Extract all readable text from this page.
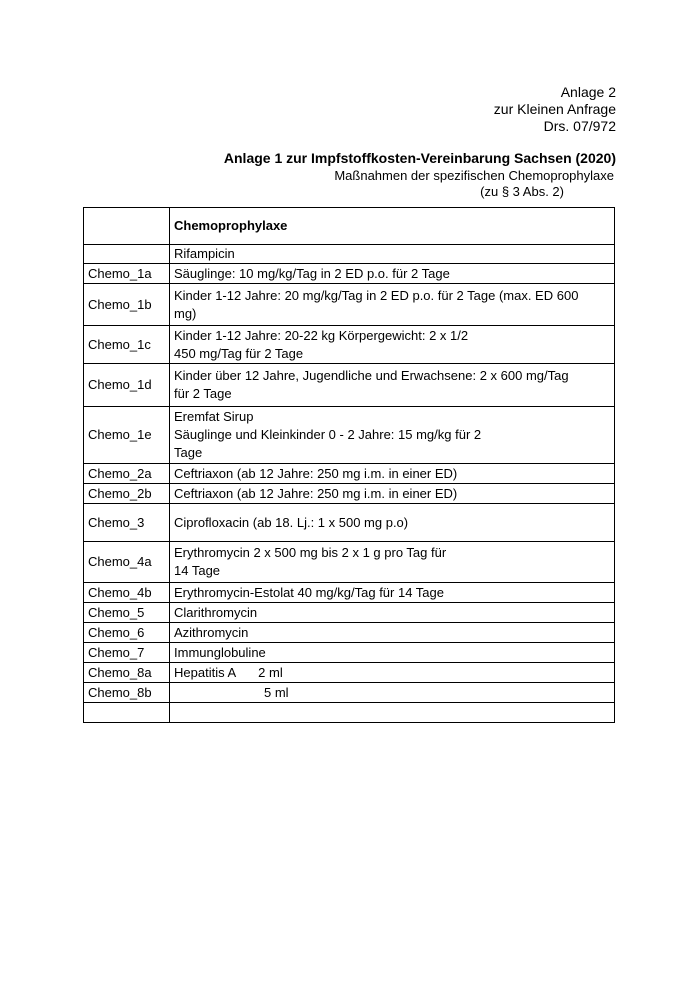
Anlage 2
zur Kleinen Anfrage
Drs. 07/972
Anlage 1 zur Impfstoffkosten-Vereinbarung Sachsen (2020)
Maßnahmen der spezifischen Chemoprophylaxe
(zu § 3 Abs. 2)
	Chemoprophylaxe
	Rifampicin
Chemo_1a	Säuglinge: 10 mg/kg/Tag in 2 ED p.o. für 2 Tage
Chemo_1b	Kinder 1-12 Jahre: 20 mg/kg/Tag in 2 ED p.o. für 2 Tage (max. ED 600
mg)

Chemo_1c	Kinder 1-12 Jahre: 20-22 kg Körpergewicht: 2 x 1/2
450 mg/Tag für 2 Tage

Chemo_1d	Kinder über 12 Jahre, Jugendliche und Erwachsene: 2 x 600 mg/Tag
für 2 Tage

Chemo_1e	Eremfat Sirup
Säuglinge und Kleinkinder 0 - 2 Jahre: 15 mg/kg für 2
Tage

Chemo_2a	Ceftriaxon (ab 12 Jahre: 250 mg i.m. in einer ED)
Chemo_2b	Ceftriaxon (ab 12 Jahre: 250 mg i.m. in einer ED)
Chemo_3	Ciprofloxacin (ab 18. Lj.: 1 x 500 mg p.o)
Chemo_4a	Erythromycin 2 x 500 mg bis 2 x 1 g pro Tag für
14 Tage

Chemo_4b	Erythromycin-Estolat 40 mg/kg/Tag für 14 Tage
Chemo_5	Clarithromycin
Chemo_6	Azithromycin
Chemo_7	Immunglobuline
Chemo_8a	Hepatitis A 2 ml
Chemo_8b	5 ml
